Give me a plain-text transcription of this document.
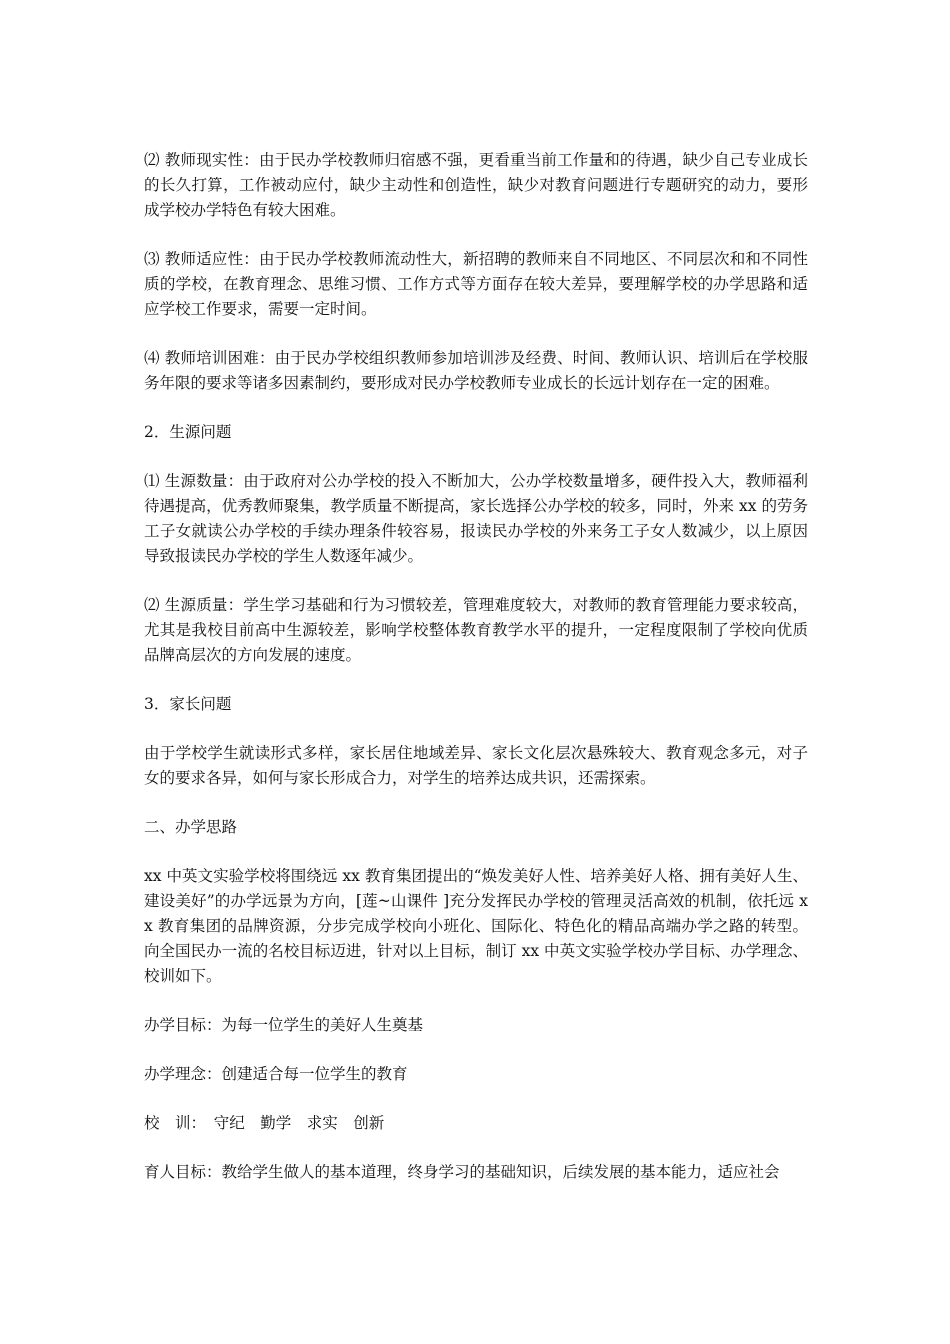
⑵ 教师现实性：由于民办学校教师归宿感不强，更看重当前工作量和的待遇，缺少自己专业成长的长久打算，工作被动应付，缺少主动性和创造性，缺少对教育问题进行专题研究的动力，要形成学校办学特色有较大困难。

⑶ 教师适应性：由于民办学校教师流动性大，新招聘的教师来自不同地区、不同层次和和不同性质的学校，在教育理念、思维习惯、工作方式等方面存在较大差异，要理解学校的办学思路和适应学校工作要求，需要一定时间。

⑷ 教师培训困难：由于民办学校组织教师参加培训涉及经费、时间、教师认识、培训后在学校服务年限的要求等诸多因素制约，要形成对民办学校教师专业成长的长远计划存在一定的困难。

2．生源问题

⑴ 生源数量：由于政府对公办学校的投入不断加大，公办学校数量增多，硬件投入大，教师福利待遇提高，优秀教师聚集，教学质量不断提高，家长选择公办学校的较多，同时，外来 xx 的劳务工子女就读公办学校的手续办理条件较容易，报读民办学校的外来务工子女人数减少，以上原因导致报读民办学校的学生人数逐年减少。

⑵ 生源质量：学生学习基础和行为习惯较差，管理难度较大，对教师的教育管理能力要求较高，尤其是我校目前高中生源较差，影响学校整体教育教学水平的提升，一定程度限制了学校向优质品牌高层次的方向发展的速度。

3．家长问题

由于学校学生就读形式多样，家长居住地域差异、家长文化层次悬殊较大、教育观念多元，对子女的要求各异，如何与家长形成合力，对学生的培养达成共识，还需探索。

二、办学思路

xx 中英文实验学校将围绕远 xx 教育集团提出的“焕发美好人性、培养美好人格、拥有美好人生、建设美好”的办学远景为方向，[莲~山课件 ]充分发挥民办学校的管理灵活高效的机制，依托远 xx 教育集团的品牌资源，分步完成学校向小班化、国际化、特色化的精品高端办学之路的转型。向全国民办一流的名校目标迈进，针对以上目标，制订 xx 中英文实验学校办学目标、办学理念、校训如下。

办学目标：为每一位学生的美好人生奠基

办学理念：创建适合每一位学生的教育

校　训：　守纪　勤学　求实　创新

育人目标：教给学生做人的基本道理，终身学习的基础知识，后续发展的基本能力，适应社会
